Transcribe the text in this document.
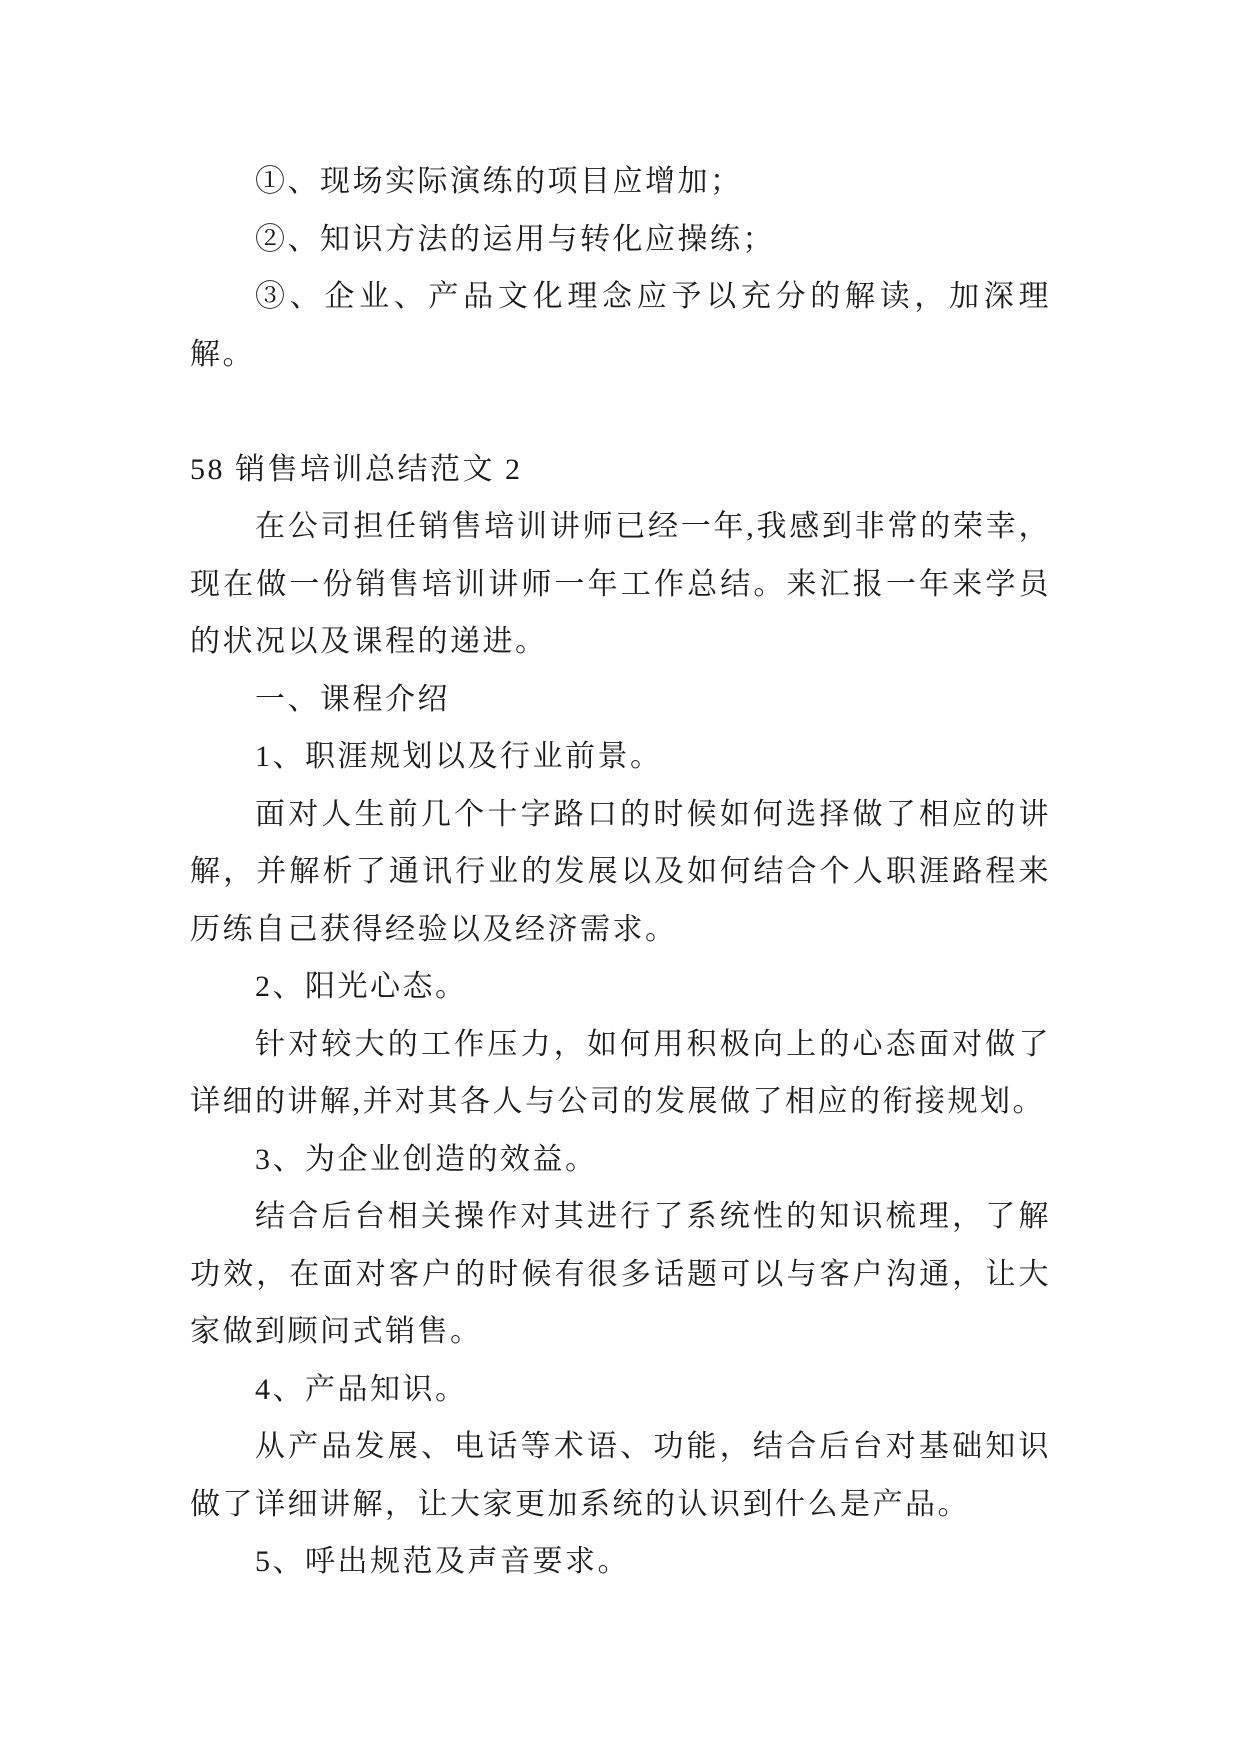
①、现场实际演练的项目应增加；

②、知识方法的运用与转化应操练；

③、企业、产品文化理念应予以充分的解读，加深理解。

58 销售培训总结范文 2

在公司担任销售培训讲师已经一年,我感到非常的荣幸，现在做一份销售培训讲师一年工作总结。来汇报一年来学员的状况以及课程的递进。

一、课程介绍

1、职涯规划以及行业前景。

面对人生前几个十字路口的时候如何选择做了相应的讲解，并解析了通讯行业的发展以及如何结合个人职涯路程来历练自己获得经验以及经济需求。

2、阳光心态。

针对较大的工作压力，如何用积极向上的心态面对做了详细的讲解,并对其各人与公司的发展做了相应的衔接规划。

3、为企业创造的效益。

结合后台相关操作对其进行了系统性的知识梳理，了解功效，在面对客户的时候有很多话题可以与客户沟通，让大家做到顾问式销售。

4、产品知识。

从产品发展、电话等术语、功能，结合后台对基础知识做了详细讲解，让大家更加系统的认识到什么是产品。

5、呼出规范及声音要求。
